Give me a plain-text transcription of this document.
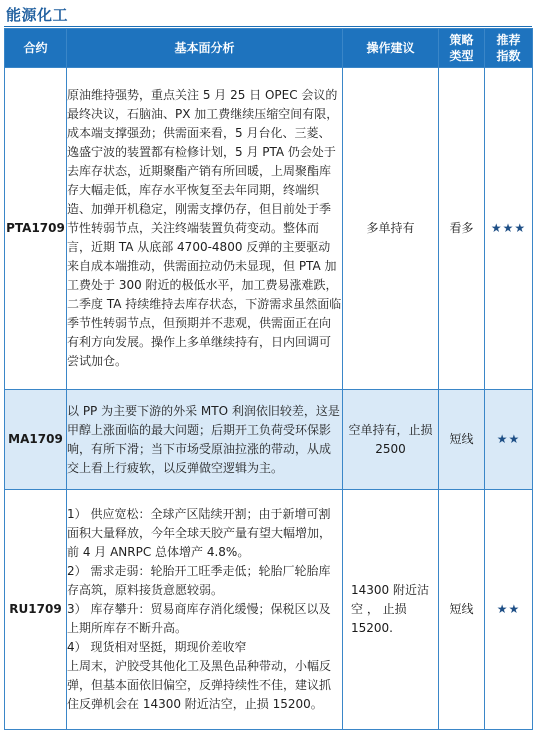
能源化工
合约	基本面分析	操作建议	策略类型	推荐指数
PTA1709	原油维持强势，重点关注 5 月 25 日 OPEC 会议的最终决议，石脑油、PX 加工费继续压缩空间有限，成本端支撑强劲；供需面来看，5 月台化、三菱、逸盛宁波的装置都有检修计划，5 月 PTA 仍会处于去库存状态，近期聚酯产销有所回暖，上周聚酯库存大幅走低，库存水平恢复至去年同期，终端织造、加弹开机稳定，刚需支撑仍存，但目前处于季节性转弱节点，关注终端装置负荷变动。整体而言，近期 TA 从底部 4700-4800 反弹的主要驱动来自成本端推动，供需面拉动仍未显现，但 PTA 加工费处于 300 附近的极低水平，加工费易涨难跌，二季度 TA 持续维持去库存状态，下游需求虽然面临季节性转弱节点，但预期并不悲观，供需面正在向有利方向发展。操作上多单继续持有，日内回调可尝试加仓。	多单持有	看多	★★★
MA1709	以 PP 为主要下游的外采 MTO 利润依旧较差，这是甲醇上涨面临的最大问题；后期开工负荷受环保影响，有所下滑；当下市场受原油拉涨的带动，从成交上看上行疲软，以反弹做空逻辑为主。	空单持有，止损 2500	短线	★★
RU1709	1） 供应宽松：全球产区陆续开割；由于新增可割面积大量释放，今年全球天胶产量有望大幅增加，前 4 月 ANRPC 总体增产 4.8%。
2） 需求走弱：轮胎开工旺季走低；轮胎厂轮胎库存高筑，原料接货意愿较弱。
3） 库存攀升：贸易商库存消化缓慢；保税区以及上期所库存不断升高。
4） 现货相对坚挺，期现价差收窄
上周末，沪胶受其他化工及黑色品种带动，小幅反弹，但基本面依旧偏空，反弹持续性不佳，建议抓住反弹机会在 14300 附近沽空，止损 15200。	14300 附近沽空 ， 止损 15200.	短线	★★
